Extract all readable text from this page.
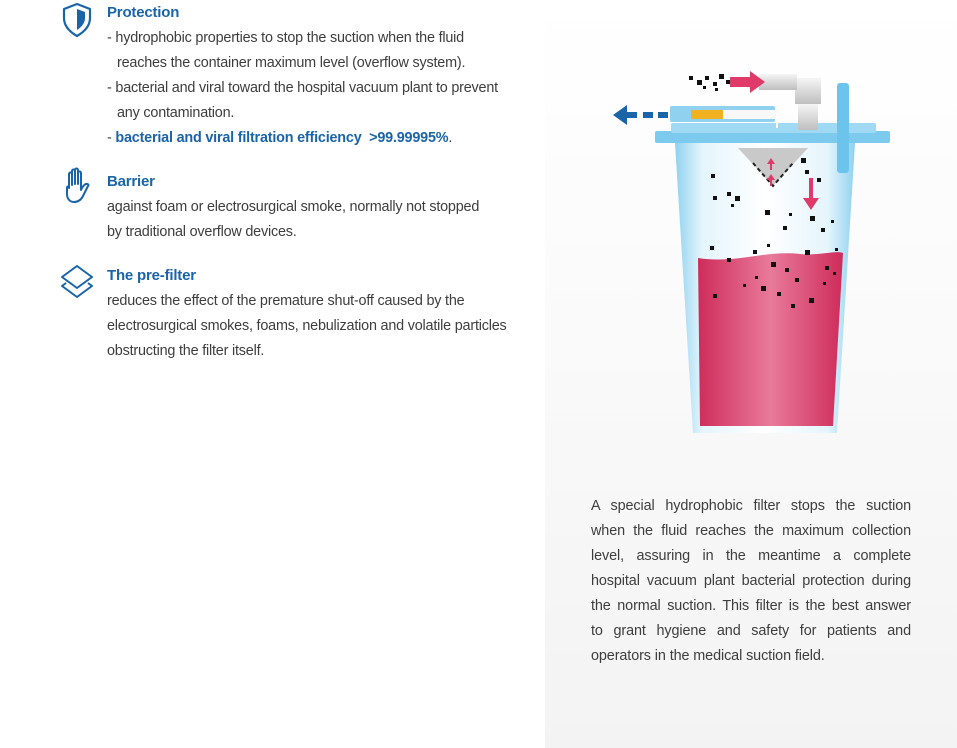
Protection
- hydrophobic properties to stop the suction when the fluid
reaches the container maximum level (overflow system).
- bacterial and viral toward the hospital vacuum plant to prevent
any contamination.
- bacterial and viral filtration efficiency >99.99995%.
Barrier
against foam or electrosurgical smoke, normally not stopped
by traditional overflow devices.
The pre-filter
reduces the effect of the premature shut-off caused by the
electrosurgical smokes, foams, nebulization and volatile particles
obstructing the filter itself.
A special hydrophobic filter stops the suction
when the fluid reaches the maximum collection
level, assuring in the meantime a complete
hospital vacuum plant bacterial protection during
the normal suction. This filter is the best answer
to grant hygiene and safety for patients and
operators in the medical suction field.
